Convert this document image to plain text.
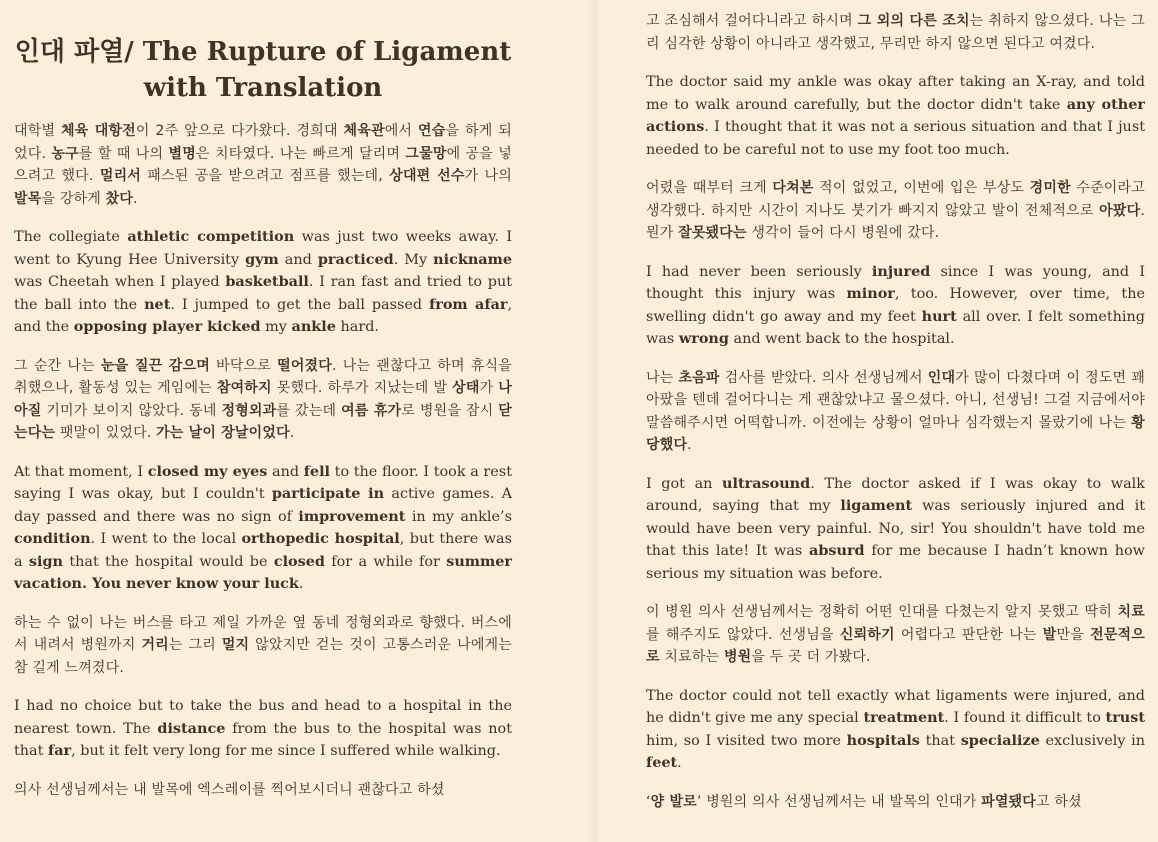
인대 파열/ The Rupture of Ligament with Translation

대학별 체육 대항전이 2주 앞으로 다가왔다. 경희대 체육관에서 연습을 하게 되었다. 농구를 할 때 나의 별명은 치타였다. 나는 빠르게 달리며 그물망에 공을 넣으려고 했다. 멀리서 패스된 공을 받으려고 점프를 했는데, 상대편 선수가 나의 발목을 강하게 찼다.

The collegiate athletic competition was just two weeks away. I went to Kyung Hee University gym and practiced. My nickname was Cheetah when I played basketball. I ran fast and tried to put the ball into the net. I jumped to get the ball passed from afar, and the opposing player kicked my ankle hard.

그 순간 나는 눈을 질끈 감으며 바닥으로 떨어졌다. 나는 괜찮다고 하며 휴식을 취했으나, 활동성 있는 게임에는 참여하지 못했다. 하루가 지났는데 발 상태가 나아질 기미가 보이지 않았다. 동네 정형외과를 갔는데 여름 휴가로 병원을 잠시 닫는다는 팻말이 있었다. 가는 날이 장날이었다.

At that moment, I closed my eyes and fell to the floor. I took a rest saying I was okay, but I couldn't participate in active games. A day passed and there was no sign of improvement in my ankle’s condition. I went to the local orthopedic hospital, but there was a sign that the hospital would be closed for a while for summer vacation. You never know your luck.

하는 수 없이 나는 버스를 타고 제일 가까운 옆 동네 정형외과로 향했다. 버스에서 내려서 병원까지 거리는 그리 멀지 않았지만 걷는 것이 고통스러운 나에게는 참 길게 느껴졌다.

I had no choice but to take the bus and head to a hospital in the nearest town. The distance from the bus to the hospital was not that far, but it felt very long for me since I suffered while walking.

의사 선생님께서는 내 발목에 엑스레이를 찍어보시더니 괜찮다고 하셨

고 조심해서 걸어다니라고 하시며 그 외의 다른 조치는 취하지 않으셨다. 나는 그리 심각한 상황이 아니라고 생각했고, 무리만 하지 않으면 된다고 여겼다.

The doctor said my ankle was okay after taking an X-ray, and told me to walk around carefully, but the doctor didn't take any other actions. I thought that it was not a serious situation and that I just needed to be careful not to use my foot too much.

어렸을 때부터 크게 다쳐본 적이 없었고, 이번에 입은 부상도 경미한 수준이라고 생각했다. 하지만 시간이 지나도 붓기가 빠지지 않았고 발이 전체적으로 아팠다. 뭔가 잘못됐다는 생각이 들어 다시 병원에 갔다.

I had never been seriously injured since I was young, and I thought this injury was minor, too. However, over time, the swelling didn't go away and my feet hurt all over. I felt something was wrong and went back to the hospital.

나는 초음파 검사를 받았다. 의사 선생님께서 인대가 많이 다쳤다며 이 정도면 꽤 아팠을 텐데 걸어다니는 게 괜찮았냐고 물으셨다. 아니, 선생님! 그걸 지금에서야 말씀해주시면 어떡합니까. 이전에는 상황이 얼마나 심각했는지 몰랐기에 나는 황당했다.

I got an ultrasound. The doctor asked if I was okay to walk around, saying that my ligament was seriously injured and it would have been very painful. No, sir! You shouldn't have told me that this late! It was absurd for me because I hadn’t known how serious my situation was before.

이 병원 의사 선생님께서는 정확히 어떤 인대를 다쳤는지 알지 못했고 딱히 치료를 해주지도 않았다. 선생님을 신뢰하기 어렵다고 판단한 나는 발만을 전문적으로 치료하는 병원을 두 곳 더 가봤다.

The doctor could not tell exactly what ligaments were injured, and he didn't give me any special treatment. I found it difficult to trust him, so I visited two more hospitals that specialize exclusively in feet.

‘양 발로’ 병원의 의사 선생님께서는 내 발목의 인대가 파열됐다고 하셨
